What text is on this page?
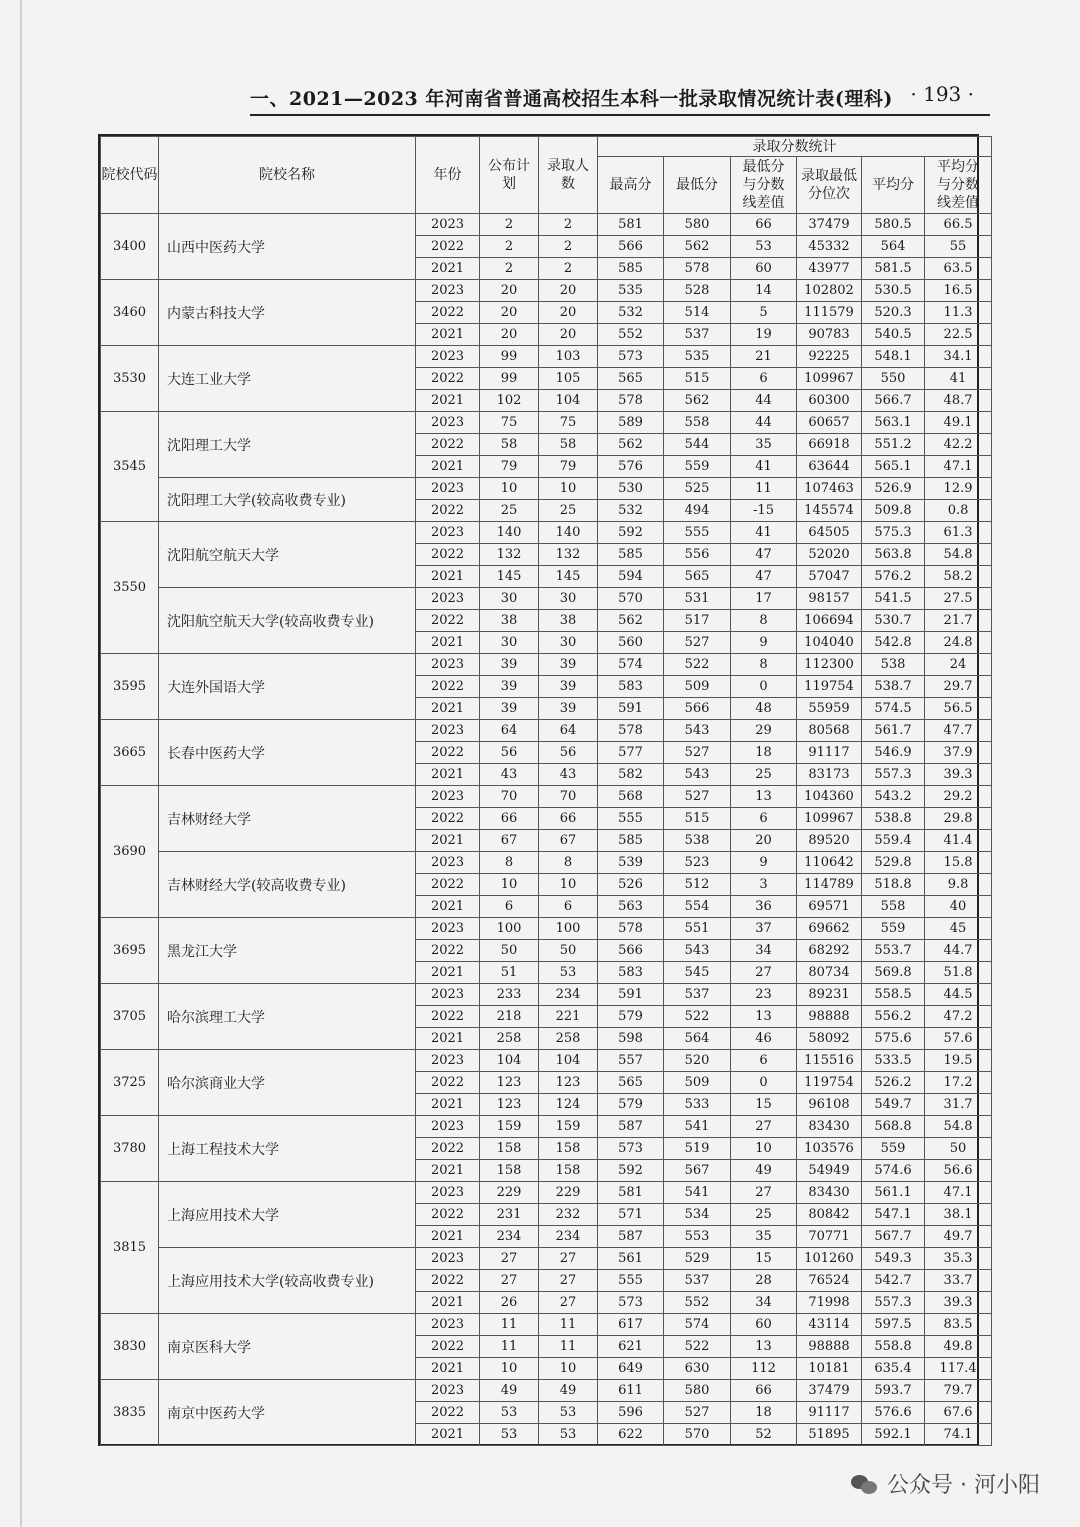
一、2021—2023 年河南省普通高校招生本科一批录取情况统计表(理科) · 193 ·
院校代码	院校名称	年份	公布计划	录取人数	录取分数统计					
					最高分	最低分	最低分与分数线差值	录取最低分位次	平均分	平均分与分数线差值
3400	山西中医药大学	2023	2	2	581	580	66	37479	580.5	66.5
		2022	2	2	566	562	53	45332	564	55
		2021	2	2	585	578	60	43977	581.5	63.5
3460	内蒙古科技大学	2023	20	20	535	528	14	102802	530.5	16.5
		2022	20	20	532	514	5	111579	520.3	11.3
		2021	20	20	552	537	19	90783	540.5	22.5
3530	大连工业大学	2023	99	103	573	535	21	92225	548.1	34.1
		2022	99	105	565	515	6	109967	550	41
		2021	102	104	578	562	44	60300	566.7	48.7
3545	沈阳理工大学	2023	75	75	589	558	44	60657	563.1	49.1
		2022	58	58	562	544	35	66918	551.2	42.2
		2021	79	79	576	559	41	63644	565.1	47.1
	沈阳理工大学(较高收费专业)	2023	10	10	530	525	11	107463	526.9	12.9
		2022	25	25	532	494	-15	145574	509.8	0.8
3550	沈阳航空航天大学	2023	140	140	592	555	41	64505	575.3	61.3
		2022	132	132	585	556	47	52020	563.8	54.8
		2021	145	145	594	565	47	57047	576.2	58.2
	沈阳航空航天大学(较高收费专业)	2023	30	30	570	531	17	98157	541.5	27.5
		2022	38	38	562	517	8	106694	530.7	21.7
		2021	30	30	560	527	9	104040	542.8	24.8
3595	大连外国语大学	2023	39	39	574	522	8	112300	538	24
		2022	39	39	583	509	0	119754	538.7	29.7
		2021	39	39	591	566	48	55959	574.5	56.5
3665	长春中医药大学	2023	64	64	578	543	29	80568	561.7	47.7
		2022	56	56	577	527	18	91117	546.9	37.9
		2021	43	43	582	543	25	83173	557.3	39.3
3690	吉林财经大学	2023	70	70	568	527	13	104360	543.2	29.2
		2022	66	66	555	515	6	109967	538.8	29.8
		2021	67	67	585	538	20	89520	559.4	41.4
	吉林财经大学(较高收费专业)	2023	8	8	539	523	9	110642	529.8	15.8
		2022	10	10	526	512	3	114789	518.8	9.8
		2021	6	6	563	554	36	69571	558	40
3695	黑龙江大学	2023	100	100	578	551	37	69662	559	45
		2022	50	50	566	543	34	68292	553.7	44.7
		2021	51	53	583	545	27	80734	569.8	51.8
3705	哈尔滨理工大学	2023	233	234	591	537	23	89231	558.5	44.5
		2022	218	221	579	522	13	98888	556.2	47.2
		2021	258	258	598	564	46	58092	575.6	57.6
3725	哈尔滨商业大学	2023	104	104	557	520	6	115516	533.5	19.5
		2022	123	123	565	509	0	119754	526.2	17.2
		2021	123	124	579	533	15	96108	549.7	31.7
3780	上海工程技术大学	2023	159	159	587	541	27	83430	568.8	54.8
		2022	158	158	573	519	10	103576	559	50
		2021	158	158	592	567	49	54949	574.6	56.6
3815	上海应用技术大学	2023	229	229	581	541	27	83430	561.1	47.1
		2022	231	232	571	534	25	80842	547.1	38.1
		2021	234	234	587	553	35	70771	567.7	49.7
	上海应用技术大学(较高收费专业)	2023	27	27	561	529	15	101260	549.3	35.3
		2022	27	27	555	537	28	76524	542.7	33.7
		2021	26	27	573	552	34	71998	557.3	39.3
3830	南京医科大学	2023	11	11	617	574	60	43114	597.5	83.5
		2022	11	11	621	522	13	98888	558.8	49.8
		2021	10	10	649	630	112	10181	635.4	117.4
3835	南京中医药大学	2023	49	49	611	580	66	37479	593.7	79.7
		2022	53	53	596	527	18	91117	576.6	67.6
		2021	53	53	622	570	52	51895	592.1	74.1
公众号 · 河小阳
